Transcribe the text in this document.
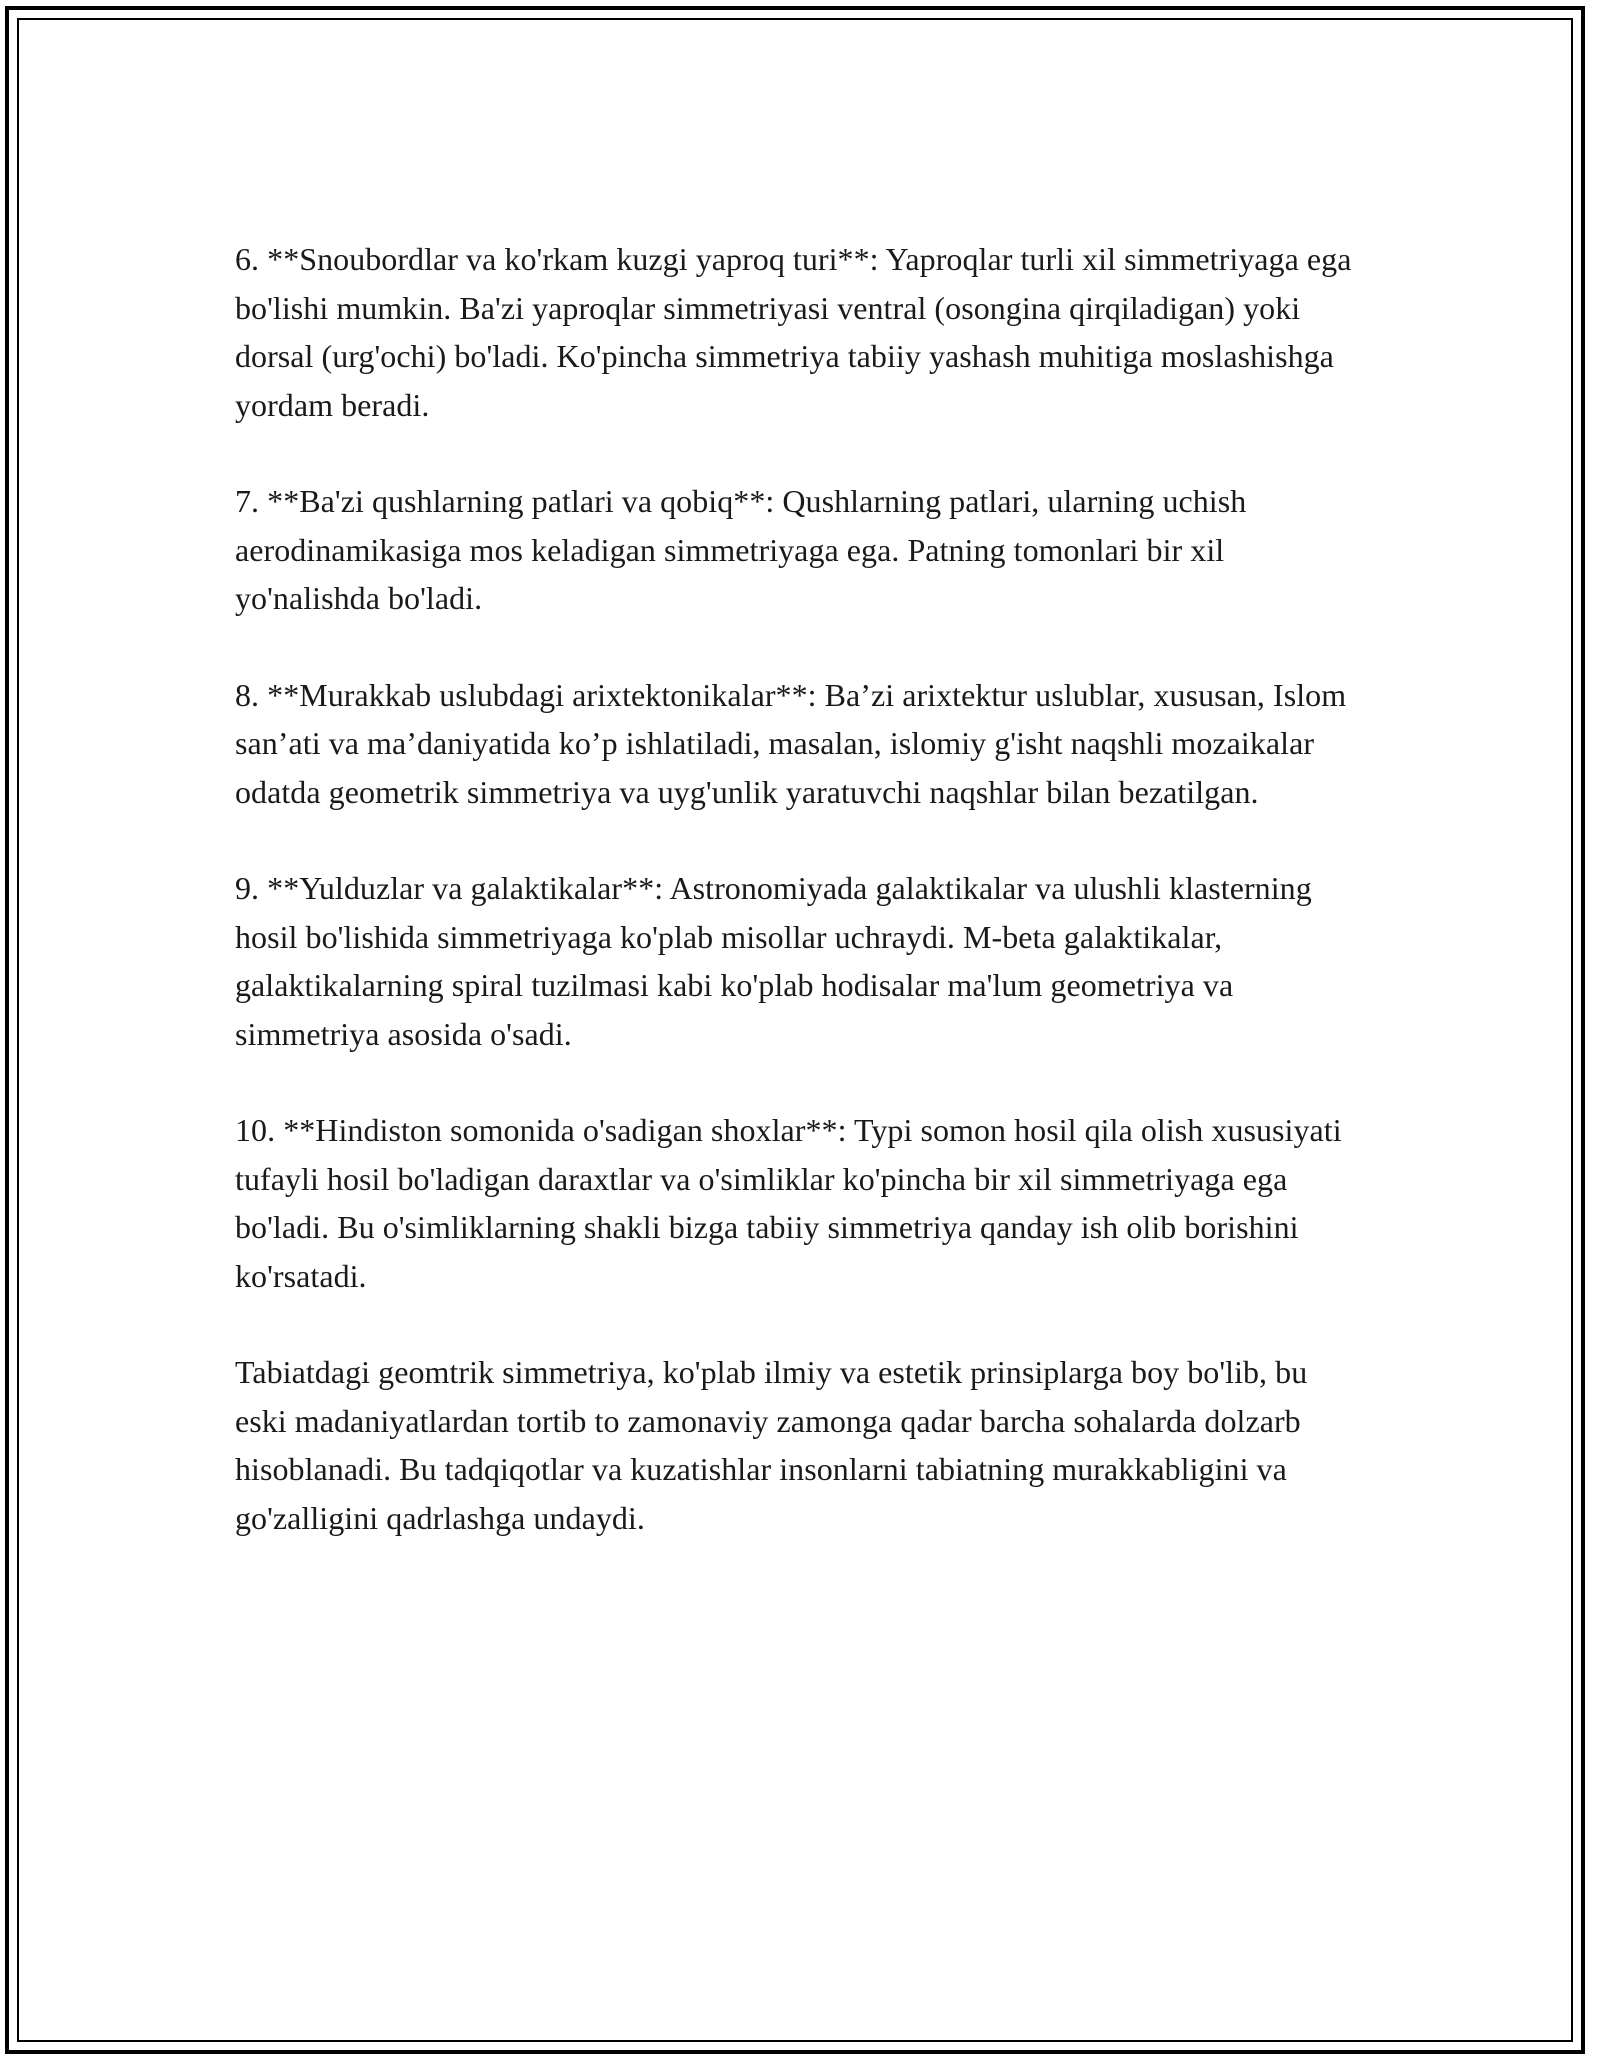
6. **Snoubordlar va ko'rkam kuzgi yaproq turi**: Yaproqlar turli xil simmetriyaga ega bo'lishi mumkin. Ba'zi yaproqlar simmetriyasi ventral (osongina qirqiladigan) yoki dorsal (urg'ochi) bo'ladi. Ko'pincha simmetriya tabiiy yashash muhitiga moslashishga yordam beradi.

7. **Ba'zi qushlarning patlari va qobiq**: Qushlarning patlari, ularning uchish aerodinamikasiga mos keladigan simmetriyaga ega. Patning tomonlari bir xil yo'nalishda bo'ladi.

8. **Murakkab uslubdagi arixtektonikalar**: Ba’zi arixtektur uslublar, xususan, Islom san’ati va ma’daniyatida ko’p ishlatiladi, masalan, islomiy g'isht naqshli mozaikalar odatda geometrik simmetriya va uyg'unlik yaratuvchi naqshlar bilan bezatilgan.

9. **Yulduzlar va galaktikalar**: Astronomiyada galaktikalar va ulushli klasterning hosil bo'lishida simmetriyaga ko'plab misollar uchraydi. M-beta galaktikalar, galaktikalarning spiral tuzilmasi kabi ko'plab hodisalar ma'lum geometriya va simmetriya asosida o'sadi.

10. **Hindiston somonida o'sadigan shoxlar**: Typi somon hosil qila olish xususiyati tufayli hosil bo'ladigan daraxtlar va o'simliklar ko'pincha bir xil simmetriyaga ega bo'ladi. Bu o'simliklarning shakli bizga tabiiy simmetriya qanday ish olib borishini ko'rsatadi.

Tabiatdagi geomtrik simmetriya, ko'plab ilmiy va estetik prinsiplarga boy bo'lib, bu eski madaniyatlardan tortib to zamonaviy zamonga qadar barcha sohalarda dolzarb hisoblanadi. Bu tadqiqotlar va kuzatishlar insonlarni tabiatning murakkabligini va go'zalligini qadrlashga undaydi.
